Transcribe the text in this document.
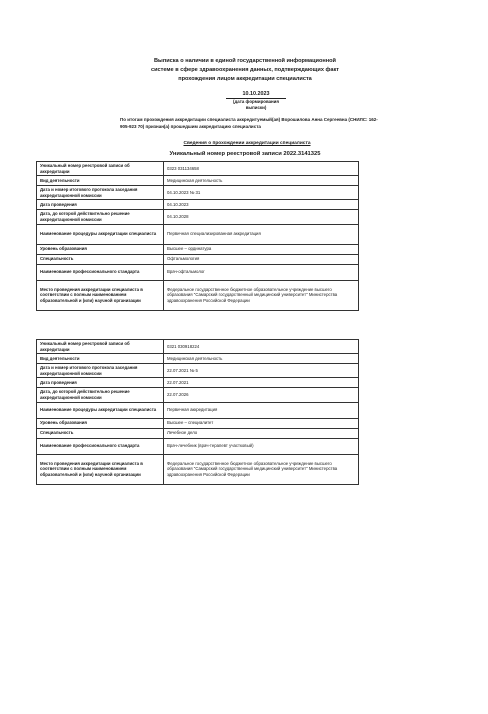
Выписка о наличии в единой государственной информационной
системе в сфере здравоохранения данных, подтверждающих факт
прохождения лицом аккредитации специалиста
10.10.2023
(дата формирования выписки)
По итогам прохождения аккредитации специалиста аккредитуемый(ая) Ворошилова Анна Сергеевна (СНИЛС: 162-905-923 70) признан(а) прошедшим аккредитацию специалиста
Сведения о прохождении аккредитации специалиста
Уникальный номер реестровой записи 2022.3141325
Уникальный номер реестровой записи об аккредитации	0323 031134658
Вид деятельности	Медицинская деятельность
Дата и номер итогового протокола заседания аккредитационной комиссии	04.10.2023 № 31
Дата проведения	04.10.2023
Дата, до которой действительно решение аккредитационной комиссии	04.10.2028
Наименование процедуры аккредитации специалиста	Первичная специализированная аккредитация
Уровень образования	Высшее – ординатура
Специальность	Офтальмология
Наименование профессионального стандарта	Врач-офтальмолог
Место проведения аккредитации специалиста в соответствии с полным наименованием образовательной и (или) научной организации	Федеральное государственное бюджетное образовательное учреждение высшего образования "Самарский государственный медицинский университет" Министерства здравоохранения Российской Федерации
Уникальный номер реестровой записи об аккредитации	0321 030918224
Вид деятельности	Медицинская деятельность
Дата и номер итогового протокола заседания аккредитационной комиссии	22.07.2021 № 5
Дата проведения	22.07.2021
Дата, до которой действительно решение аккредитационной комиссии	22.07.2026
Наименование процедуры аккредитации специалиста	Первичная аккредитация
Уровень образования	Высшее – специалитет
Специальность	Лечебное дело
Наименование профессионального стандарта	Врач-лечебник (врач-терапевт участковый)
Место проведения аккредитации специалиста в соответствии с полным наименованием образовательной и (или) научной организации	Федеральное государственное бюджетное образовательное учреждение высшего образования "Самарский государственный медицинский университет" Министерства здравоохранения Российской Федерации
